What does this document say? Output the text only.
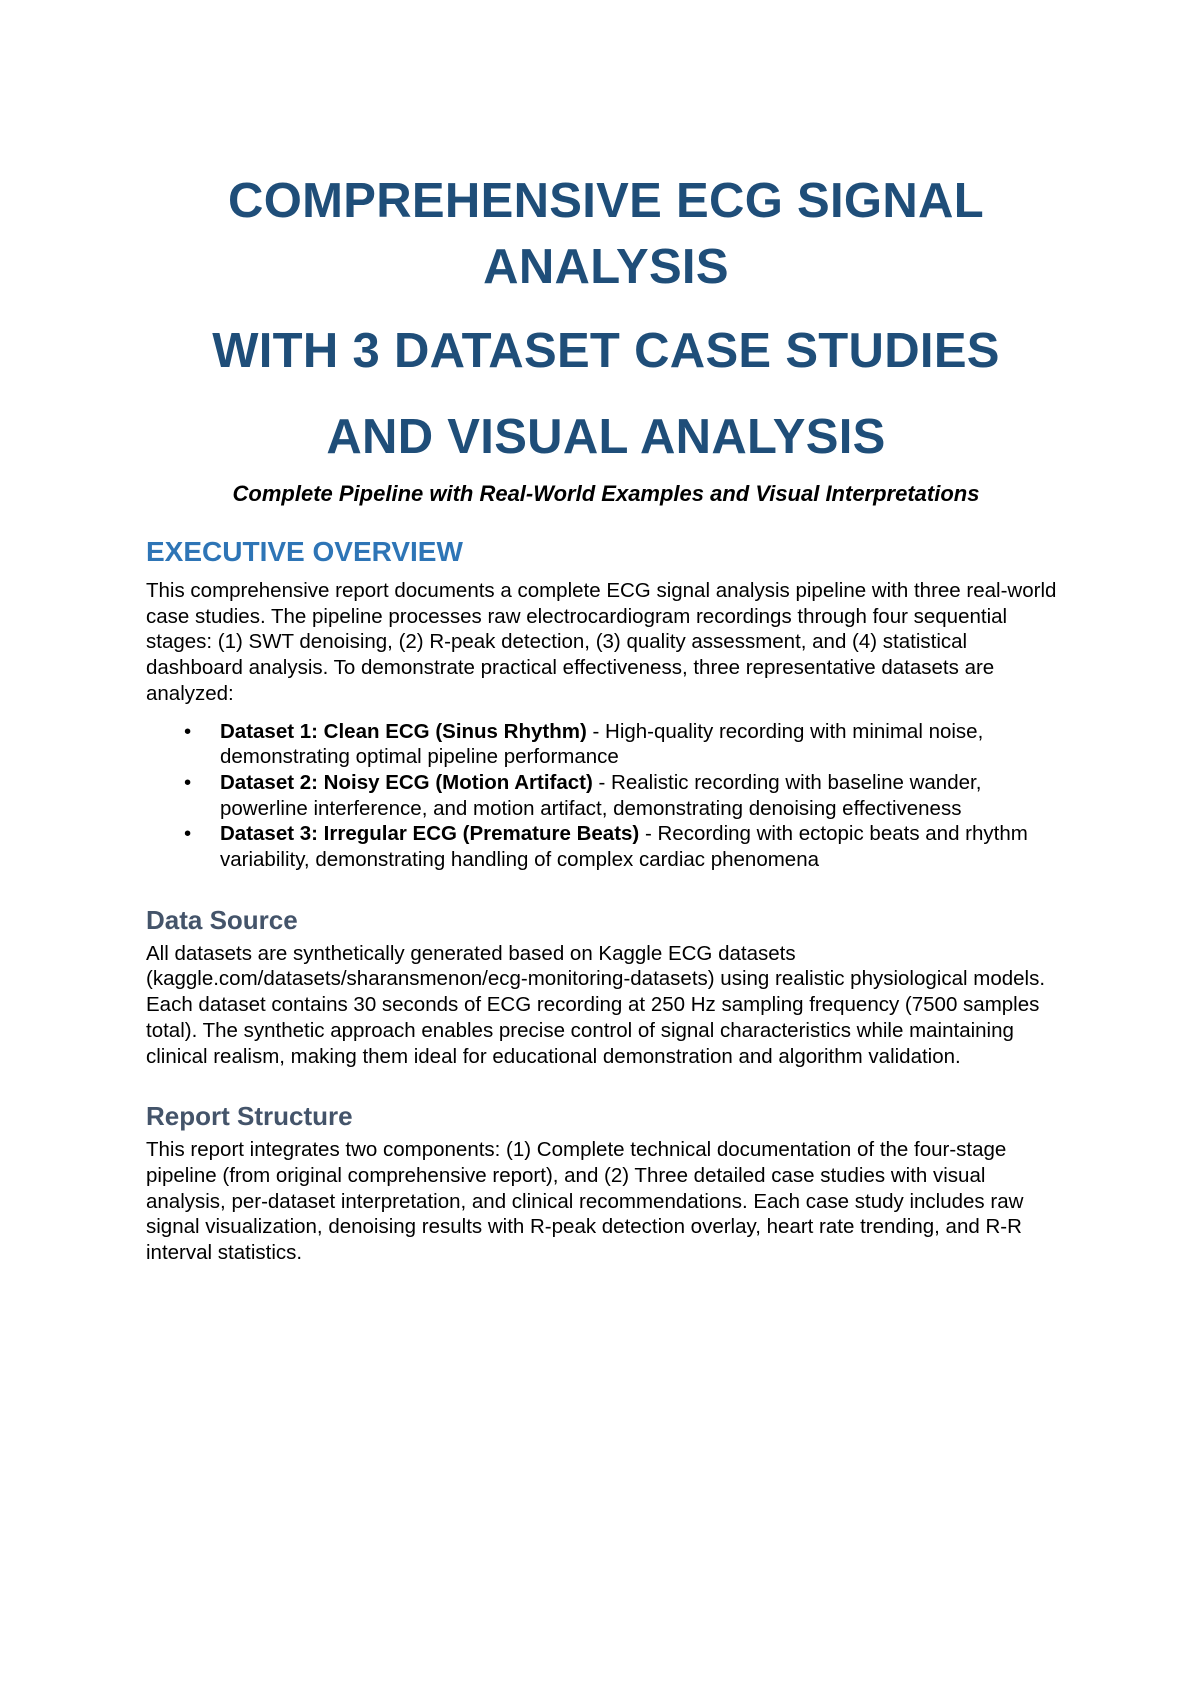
COMPREHENSIVE ECG SIGNAL ANALYSIS
WITH 3 DATASET CASE STUDIES
AND VISUAL ANALYSIS

Complete Pipeline with Real-World Examples and Visual Interpretations

EXECUTIVE OVERVIEW

This comprehensive report documents a complete ECG signal analysis pipeline with three real-world case studies. The pipeline processes raw electrocardiogram recordings through four sequential stages: (1) SWT denoising, (2) R-peak detection, (3) quality assessment, and (4) statistical dashboard analysis. To demonstrate practical effectiveness, three representative datasets are analyzed:

• Dataset 1: Clean ECG (Sinus Rhythm) - High-quality recording with minimal noise, demonstrating optimal pipeline performance
• Dataset 2: Noisy ECG (Motion Artifact) - Realistic recording with baseline wander, powerline interference, and motion artifact, demonstrating denoising effectiveness
• Dataset 3: Irregular ECG (Premature Beats) - Recording with ectopic beats and rhythm variability, demonstrating handling of complex cardiac phenomena
Data Source

All datasets are synthetically generated based on Kaggle ECG datasets (kaggle.com/datasets/sharansmenon/ecg-monitoring-datasets) using realistic physiological models. Each dataset contains 30 seconds of ECG recording at 250 Hz sampling frequency (7500 samples total). The synthetic approach enables precise control of signal characteristics while maintaining clinical realism, making them ideal for educational demonstration and algorithm validation.

Report Structure

This report integrates two components: (1) Complete technical documentation of the four-stage pipeline (from original comprehensive report), and (2) Three detailed case studies with visual analysis, per-dataset interpretation, and clinical recommendations. Each case study includes raw signal visualization, denoising results with R-peak detection overlay, heart rate trending, and R-R interval statistics.
